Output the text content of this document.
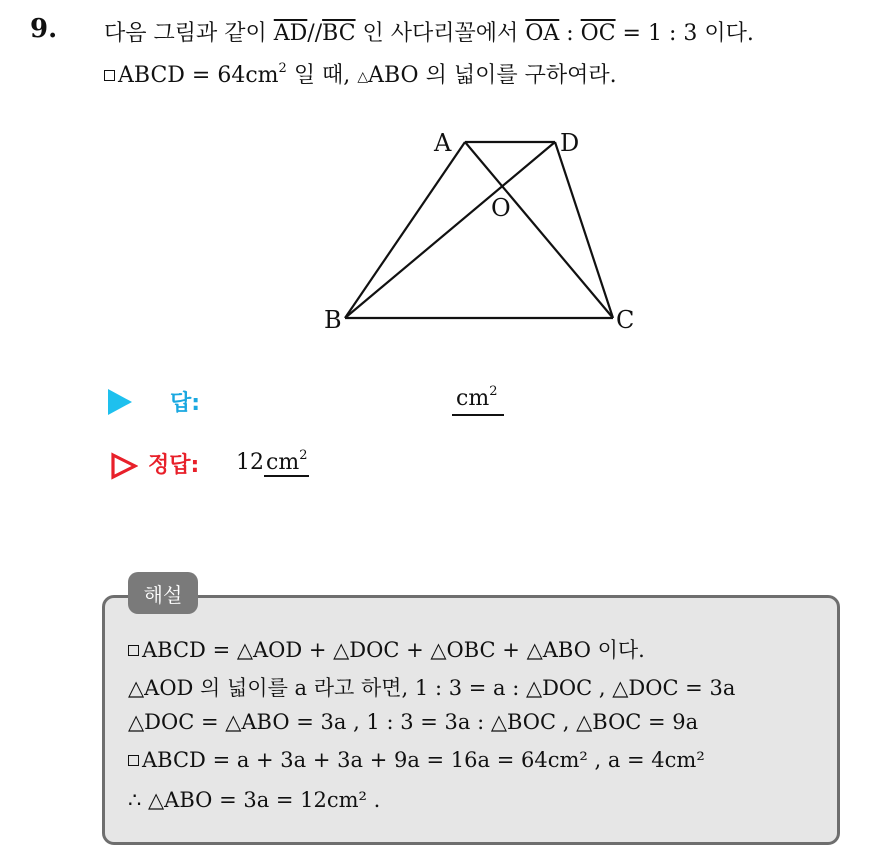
9. 다음 그림과 같이 $\overline{AD}//\overline{BC}$ 인 사다리꼴에서 $\overline{OA}$ : $\overline{OC} = 1$ : 3 이다.
ABCD = $64cm^2$ 일 때, △ABO 의 넓이를 구하여라.
A	D
O
B	C
답:	$cm^2$
정답: 12 $cm^2$
해설
ABCD = △AOD + △DOC + △OBC + △ABO 이다.
△AOD 의 넓이를 a 라고 하면, 1 : 3 = a : △DOC , △DOC = 3a
△DOC = △ABO = 3a , 1 : 3 = 3a : △BOC , △BOC = 9a
ABCD = a + 3a + 3a + 9a = 16a = 64cm² , a = 4cm²
∴ △ABO = 3a = 12cm² .
